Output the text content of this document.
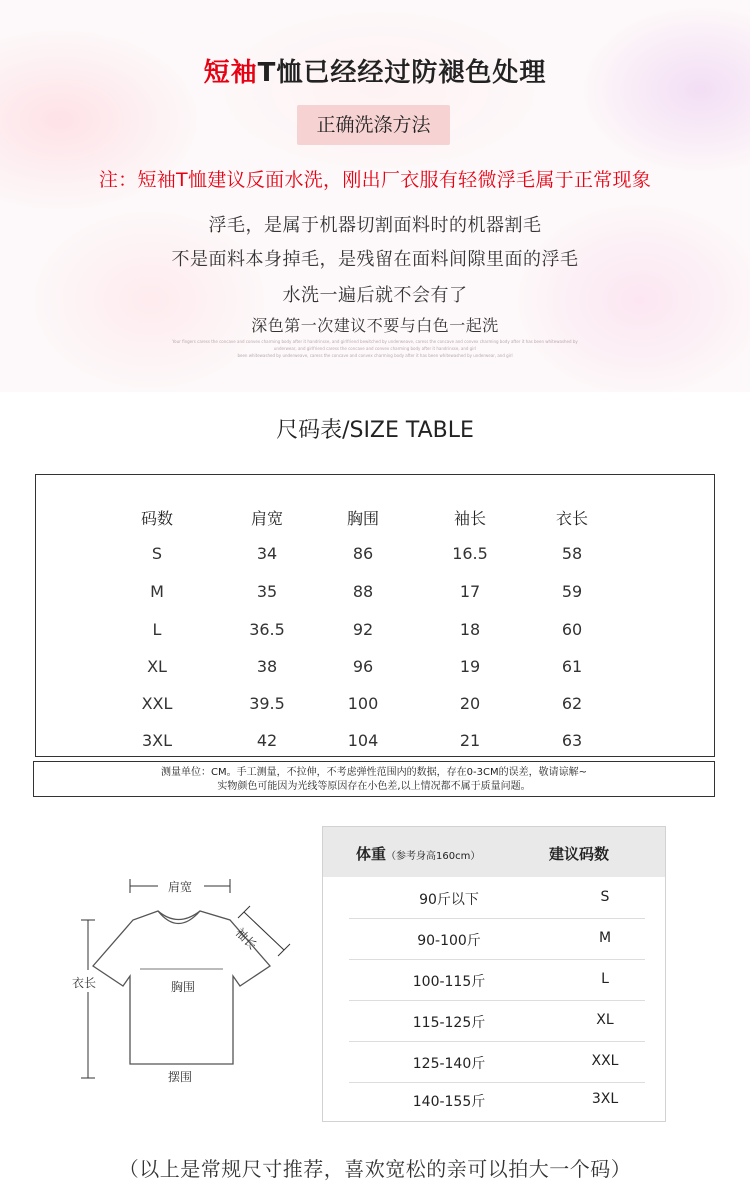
短袖T恤已经经过防褪色处理
正确洗涤方法
注：短袖T恤建议反面水洗，刚出厂衣服有轻微浮毛属于正常现象
浮毛，是属于机器切割面料时的机器割毛
不是面料本身掉毛，是残留在面料间隙里面的浮毛
水洗一遍后就不会有了
深色第一次建议不要与白色一起洗
Your fingers caress the concave and convex charming body after it handrinsse, and girlfriend bewitched by underweave, caress the concave and convex charming body after it has been whitewashed by
underwear, and girlfriend caress the concave and convex charming body after it handrinsse, and girl
been whitewashed by underweave, caress the concave and convex charming body after it has been whitewashed by underwear, and girl
尺码表/SIZE TABLE
码数	肩宽	胸围	袖长	衣长
S	34	86	16.5	58
M	35	88	17	59
L	36.5	92	18	60
XL	38	96	19	61
XXL	39.5	100	20	62
3XL	42	104	21	63
测量单位：CM。手工测量，不拉伸，不考虑弹性范围内的数据，存在0-3CM的误差，敬请谅解~
实物颜色可能因为光线等原因存在小色差,以上情况都不属于质量问题。
肩宽
袖长
衣长	胸围
摆围
体重（参考身高160cm）	建议码数
90斤以下	S
90-100斤	M
100-115斤	L
115-125斤	XL
125-140斤	XXL
140-155斤	3XL
（以上是常规尺寸推荐，喜欢宽松的亲可以拍大一个码）
